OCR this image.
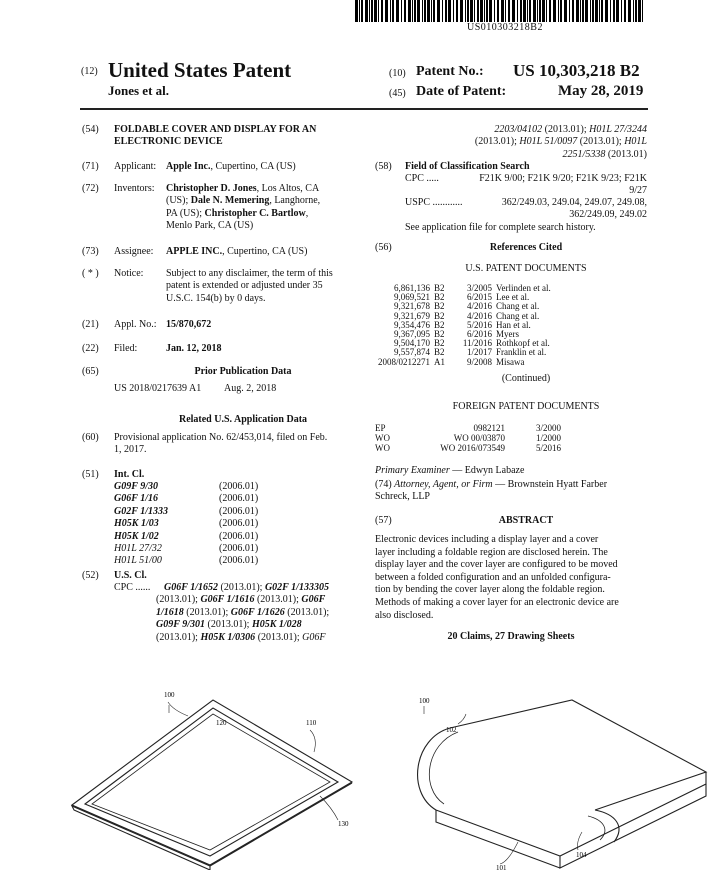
US010303218B2
(12) United States Patent
Jones et al.
(10) Patent No.: US 10,303,218 B2
(45) Date of Patent:	May 28, 2019
(54) FOLDABLE COVER AND DISPLAY FOR AN
ELECTRONIC DEVICE
(71) Applicant: Apple Inc., Cupertino, CA (US)
(72) Inventors: Christopher D. Jones, Los Altos, CA
(US); Dale N. Memering, Langhorne,
PA (US); Christopher C. Bartlow,
Menlo Park, CA (US)
(73) Assignee: APPLE INC., Cupertino, CA (US)
( * ) Notice: Subject to any disclaimer, the term of this
patent is extended or adjusted under 35
U.S.C. 154(b) by 0 days.
(21) Appl. No.: 15/870,672
(22) Filed:	Jan. 12, 2018
(65)	Prior Publication Data
US 2018/0217639 A1 Aug. 2, 2018
Related U.S. Application Data
(60) Provisional application No. 62/453,014, filed on Feb.
1, 2017.
(51) Int. Cl.
G09F 9/30	(2006.01)
G06F 1/16	(2006.01)
G02F 1/1333	(2006.01)
H05K 1/03	(2006.01)
H05K 1/02	(2006.01)
H01L 27/32	(2006.01)
H01L 51/00	(2006.01)
(52) U.S. Cl.
CPC ...... G06F 1/1652 (2013.01); G02F 1/133305
(2013.01); G06F 1/1616 (2013.01); G06F
1/1618 (2013.01); G06F 1/1626 (2013.01);
G09F 9/301 (2013.01); H05K 1/028
(2013.01); H05K 1/0306 (2013.01); G06F
2203/04102 (2013.01); H01L 27/3244
(2013.01); H01L 51/0097 (2013.01); H01L
2251/5338 (2013.01)
(58) Field of Classification Search
CPC .....	F21K 9/00; F21K 9/20; F21K 9/23; F21K
9/27
USPC ............	362/249.03, 249.04, 249.07, 249.08,
362/249.09, 249.02
See application file for complete search history.
(56)	References Cited
U.S. PATENT DOCUMENTS
6,861,136 B2	3/2005 Verlinden et al.
9,069,521 B2	6/2015 Lee et al.
9,321,678 B2	4/2016 Chang et al.
9,321,679 B2	4/2016 Chang et al.
9,354,476 B2	5/2016 Han et al.
9,367,095 B2	6/2016 Myers
9,504,170 B2	11/2016 Rothkopf et al.
9,557,874 B2	1/2017 Franklin et al.
2008/0212271 A1	9/2008 Misawa
(Continued)
FOREIGN PATENT DOCUMENTS
EP	0982121	3/2000
WO	WO 00/03870	1/2000
WO	WO 2016/073549	5/2016
Primary Examiner — Edwyn Labaze
(74) Attorney, Agent, or Firm — Brownstein Hyatt Farber
Schreck, LLP
(57)	ABSTRACT
Electronic devices including a display layer and a cover
layer including a foldable region are disclosed herein. The
display layer and the cover layer are configured to be moved
between a folded configuration and an unfolded configura-
tion by bending the cover layer along the foldable region.
Methods of making a cover layer for an electronic device are
also disclosed.
20 Claims, 27 Drawing Sheets
100
120	110
130
100
102
101
104
